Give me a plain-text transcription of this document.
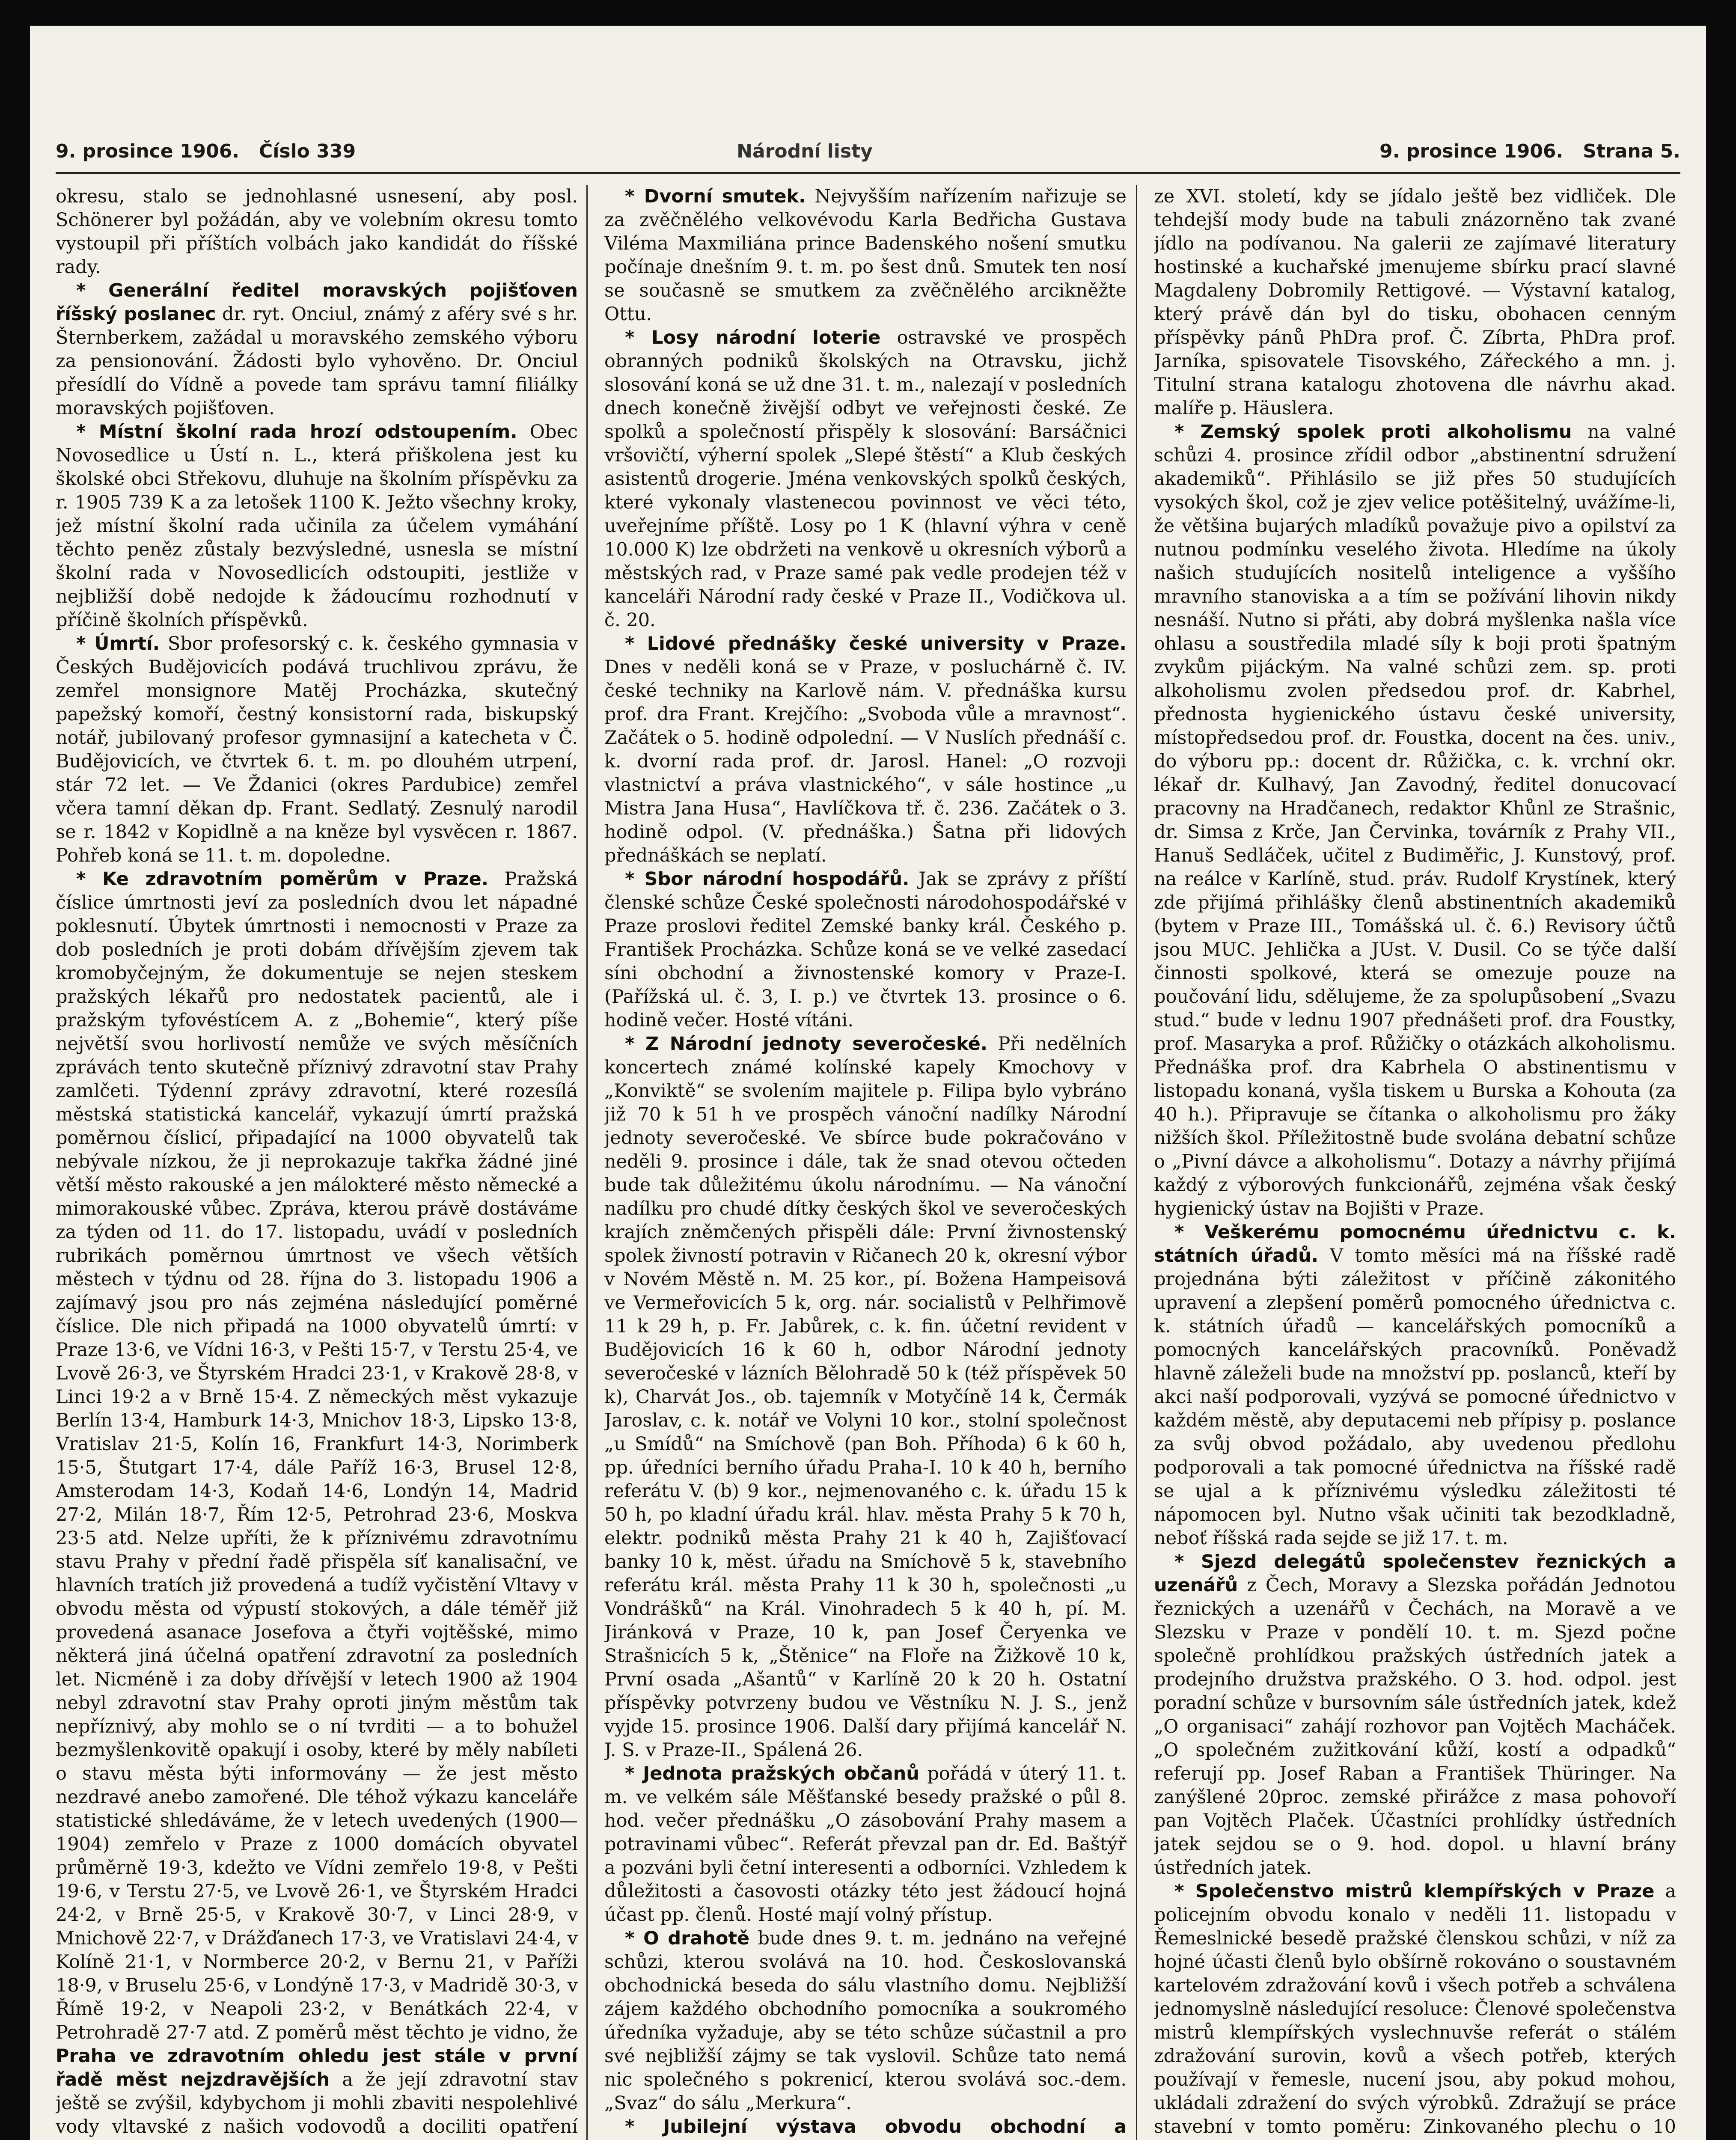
9. prosince 1906.   Číslo 339	Národní listy	9. prosince 1906.   Strana 5.

okresu, stalo se jednohlasné usnesení, aby posl. Schönerer byl požádán, aby ve volebním okresu tomto vystoupil při příštích volbách jako kandidát do říšské rady.

* Generální ředitel moravských pojišťoven říšský poslanec dr. ryt. Onciul, známý z aféry své s hr. Šternberkem, zažádal u moravského zemského výboru za pensionování. Žádosti bylo vyhověno. Dr. Onciul přesídlí do Vídně a povede tam správu tamní filiálky moravských pojišťoven.

* Místní školní rada hrozí odstoupením. Obec Novosedlice u Ústí n. L., která přiškolena jest ku školské obci Střekovu, dluhuje na školním příspěvku za r. 1905 739 K a za letošek 1100 K. Ježto všechny kroky, jež místní školní rada učinila za účelem vymáhání těchto peněz zůstaly bezvýsledné, usnesla se místní školní rada v Novosedlicích odstoupiti, jestliže v nejbližší době nedojde k žádoucímu rozhodnutí v příčině školních příspěvků.

* Úmrtí. Sbor profesorský c. k. českého gymnasia v Českých Budějovicích podává truchlivou zprávu, že zemřel monsignore Matěj Procházka, skutečný papežský komoří, čestný konsistorní rada, biskupský notář, jubilovaný profesor gymnasijní a katecheta v Č. Budějovicích, ve čtvrtek 6. t. m. po dlouhém utrpení, stár 72 let. — Ve Ždanici (okres Pardubice) zemřel včera tamní děkan dp. Frant. Sedlatý. Zesnulý narodil se r. 1842 v Kopidlně a na kněze byl vysvěcen r. 1867. Pohřeb koná se 11. t. m. dopoledne.

* Ke zdravotním poměrům v Praze. Pražská číslice úmrtnosti jeví za posledních dvou let nápadné poklesnutí. Úbytek úmrtnosti i nemocnosti v Praze za dob posledních je proti dobám dřívějším zjevem tak kromobyčejným, že dokumentuje se nejen steskem pražských lékařů pro nedostatek pacientů, ale i pražským tyfovéstícem A. z „Bohemie“, který píše největší svou horlivostí nemůže ve svých měsíčních zprávách tento skutečně příznivý zdravotní stav Prahy zamlčeti. Týdenní zprávy zdravotní, které rozesílá městská statistická kancelář, vykazují úmrtí pražská poměrnou číslicí, připadající na 1000 obyvatelů tak nebývale nízkou, že ji neprokazuje takřka žádné jiné větší město rakouské a jen málokteré město německé a mimorakouské vůbec. Zpráva, kterou právě dostáváme za týden od 11. do 17. listopadu, uvádí v posledních rubrikách poměrnou úmrtnost ve všech větších městech v týdnu od 28. října do 3. listopadu 1906 a zajímavý jsou pro nás zejména následující poměrné číslice. Dle nich připadá na 1000 obyvatelů úmrtí: v Praze 13·6, ve Vídni 16·3, v Pešti 15·7, v Terstu 25·4, ve Lvově 26·3, ve Štyrském Hradci 23·1, v Krakově 28·8, v Linci 19·2 a v Brně 15·4. Z německých měst vykazuje Berlín 13·4, Hamburk 14·3, Mnichov 18·3, Lipsko 13·8, Vratislav 21·5, Kolín 16, Frankfurt 14·3, Norimberk 15·5, Štutgart 17·4, dále Paříž 16·3, Brusel 12·8, Amsterodam 14·3, Kodaň 14·6, Londýn 14, Madrid 27·2, Milán 18·7, Řím 12·5, Petrohrad 23·6, Moskva 23·5 atd. Nelze upříti, že k příznivému zdravotnímu stavu Prahy v přední řadě přispěla síť kanalisační, ve hlavních tratích již provedená a tudíž vyčistění Vltavy v obvodu města od výpustí stokových, a dále téměř již provedená asanace Josefova a čtyři vojtěšské, mimo některá jiná účelná opatření zdravotní za posledních let. Nicméně i za doby dřívější v letech 1900 až 1904 nebyl zdravotní stav Prahy oproti jiným městům tak nepříznivý, aby mohlo se o ní tvrditi — a to bohužel bezmyšlenkovitě opakují i osoby, které by měly nabíleti o stavu města býti informovány — že jest město nezdravé anebo zamořené. Dle téhož výkazu kanceláře statistické shledáváme, že v letech uvedených (1900—1904) zemřelo v Praze z 1000 domácích obyvatel průměrně 19·3, kdežto ve Vídni zemřelo 19·8, v Pešti 19·6, v Terstu 27·5, ve Lvově 26·1, ve Štyrském Hradci 24·2, v Brně 25·5, v Krakově 30·7, v Linci 28·9, v Mnichově 22·7, v Drážďanech 17·3, ve Vratislavi 24·4, v Kolíně 21·1, v Normberce 20·2, v Bernu 21, v Paříži 18·9, v Bruselu 25·6, v Londýně 17·3, v Madridě 30·3, v Římě 19·2, v Neapoli 23·2, v Benátkách 22·4, v Petrohradě 27·7 atd. Z poměrů měst těchto je vidno, že Praha ve zdravotním ohledu jest stále v první řadě měst nejzdravějších a že její zdravotní stav ještě se zvýšil, kdybychom ji mohli zbaviti nespolehlivé vody vltavské z našich vodovodů a dociliti opatření

* Dvorní smutek. Nejvyšším nařízením nařizuje se za zvěčnělého velkovévodu Karla Bedřicha Gustava Viléma Maxmiliána prince Badenského nošení smutku počínaje dnešním 9. t. m. po šest dnů. Smutek ten nosí se současně se smutkem za zvěčnělého arcikněžte Ottu.

* Losy národní loterie ostravské ve prospěch obranných podniků školských na Otravsku, jichž slosování koná se už dne 31. t. m., nalezají v posledních dnech konečně živější odbyt ve veřejnosti české. Ze spolků a společností přispěly k slosování: Barsáčnici vršovičtí, výherní spolek „Slepé štěstí“ a Klub českých asistentů drogerie. Jména venkovských spolků českých, které vykonaly vlastenecou povinnost ve věci této, uveřejníme příště. Losy po 1 K (hlavní výhra v ceně 10.000 K) lze obdržeti na venkově u okresních výborů a městských rad, v Praze samé pak vedle prodejen též v kanceláři Národní rady české v Praze II., Vodičkova ul. č. 20.

* Lidové přednášky české university v Praze. Dnes v neděli koná se v Praze, v posluchárně č. IV. české techniky na Karlově nám. V. přednáška kursu prof. dra Frant. Krejčího: „Svoboda vůle a mravnost“. Začátek o 5. hodině odpolední. — V Nuslích přednáší c. k. dvorní rada prof. dr. Jarosl. Hanel: „O rozvoji vlastnictví a práva vlastnického“, v sále hostince „u Mistra Jana Husa“, Havlíčkova tř. č. 236. Začátek o 3. hodině odpol. (V. přednáška.) Šatna při lidových přednáškách se neplatí.

* Sbor národní hospodářů. Jak se zprávy z příští členské schůze České společnosti národohospodářské v Praze proslovi ředitel Zemské banky král. Českého p. František Procházka. Schůze koná se ve velké zasedací síni obchodní a živnostenské komory v Praze-I. (Pařížská ul. č. 3, I. p.) ve čtvrtek 13. prosince o 6. hodině večer. Hosté vítáni.

* Z Národní jednoty severočeské. Při nedělních koncertech známé kolínské kapely Kmochovy v „Konviktě“ se svolením majitele p. Filipa bylo vybráno již 70 k 51 h ve prospěch vánoční nadílky Národní jednoty severočeské. Ve sbírce bude pokračováno v neděli 9. prosince i dále, tak že snad otevou očteden bude tak důležitému úkolu národnímu. — Na vánoční nadílku pro chudé dítky českých škol ve severočeských krajích zněmčených přispěli dále: První živnostenský spolek živností potravin v Ričanech 20 k, okresní výbor v Novém Městě n. M. 25 kor., pí. Božena Hampeisová ve Vermeřovicích 5 k, org. nár. socialistů v Pelhřimově 11 k 29 h, p. Fr. Jabůrek, c. k. fin. účetní revident v Budějovicích 16 k 60 h, odbor Národní jednoty severočeské v lázních Bělohradě 50 k (též příspěvek 50 k), Charvát Jos., ob. tajemník v Motyčíně 14 k, Čermák Jaroslav, c. k. notář ve Volyni 10 kor., stolní společnost „u Smídů“ na Smíchově (pan Boh. Příhoda) 6 k 60 h, pp. úředníci berního úřadu Praha-I. 10 k 40 h, berního referátu V. (b) 9 kor., nejmenovaného c. k. úřadu 15 k 50 h, po kladní úřadu král. hlav. města Prahy 5 k 70 h, elektr. podniků města Prahy 21 k 40 h, Zajišťovací banky 10 k, měst. úřadu na Smíchově 5 k, stavebního referátu král. města Prahy 11 k 30 h, společnosti „u Vondrášků“ na Král. Vinohradech 5 k 40 h, pí. M. Jiránková v Praze, 10 k, pan Josef Čeryenka ve Strašnicích 5 k, „Štěnice“ na Floře na Žižkově 10 k, První osada „Ašantů“ v Karlíně 20 k 20 h. Ostatní příspěvky potvrzeny budou ve Věstníku N. J. S., jenž vyjde 15. prosince 1906. Další dary přijímá kancelář N. J. S. v Praze-II., Spálená 26.

* Jednota pražských občanů pořádá v úterý 11. t. m. ve velkém sále Měšťanské besedy pražské o půl 8. hod. večer přednášku „O zásobování Prahy masem a potravinami vůbec“. Referát převzal pan dr. Ed. Baštýř a pozváni byli četní interesenti a odborníci. Vzhledem k důležitosti a časovosti otázky této jest žádoucí hojná účast pp. členů. Hosté mají volný přístup.

* O drahotě bude dnes 9. t. m. jednáno na veřejné schůzi, kterou svolává na 10. hod. Českoslovanská obchodnická beseda do sálu vlastního domu. Nejbližší zájem každého obchodního pomocníka a soukromého úředníka vyžaduje, aby se této schůze súčastnil a pro své nejbližší zájmy se tak vyslovil. Schůze tato nemá nic společného s pokrenicí, kterou svolává soc.-dem. „Svaz“ do sálu „Merkura“.

* Jubilejní výstava obvodu obchodní a

ze XVI. století, kdy se jídalo ještě bez vidliček. Dle tehdejší mody bude na tabuli znázorněno tak zvané jídlo na podívanou. Na galerii ze zajímavé literatury hostinské a kuchařské jmenujeme sbírku prací slavné Magdaleny Dobromily Rettigové. — Výstavní katalog, který právě dán byl do tisku, obohacen cenným příspěvky pánů PhDra prof. Č. Zíbrta, PhDra prof. Jarníka, spisovatele Tisovského, Zářeckého a mn. j. Titulní strana katalogu zhotovena dle návrhu akad. malíře p. Häuslera.

* Zemský spolek proti alkoholismu na valné schůzi 4. prosince zřídil odbor „abstinentní sdružení akademiků“. Přihlásilo se již přes 50 studujících vysokých škol, což je zjev velice potěšitelný, uvážíme-li, že většina bujarých mladíků považuje pivo a opilství za nutnou podmínku veselého života. Hledíme na úkoly našich studujících nositelů inteligence a vyššího mravního stanoviska a a tím se požívání lihovin nikdy nesnáší. Nutno si přáti, aby dobrá myšlenka našla více ohlasu a soustředila mladé síly k boji proti špatným zvykům pijáckým. Na valné schůzi zem. sp. proti alkoholismu zvolen předsedou prof. dr. Kabrhel, přednosta hygienického ústavu české university, místopředsedou prof. dr. Foustka, docent na čes. univ., do výboru pp.: docent dr. Růžička, c. k. vrchní okr. lékař dr. Kulhavý, Jan Zavodný, ředitel donucovací pracovny na Hradčanech, redaktor Khůnl ze Strašnic, dr. Simsa z Krče, Jan Červinka, továrník z Prahy VII., Hanuš Sedláček, učitel z Budiměřic, J. Kunstový, prof. na reálce v Karlíně, stud. práv. Rudolf Krystínek, který zde přijímá přihlášky členů abstinentních akademiků (bytem v Praze III., Tomášská ul. č. 6.) Revisory účtů jsou MUC. Jehlička a JUst. V. Dusil. Co se týče další činnosti spolkové, která se omezuje pouze na poučování lidu, sdělujeme, že za spolupůsobení „Svazu stud.“ bude v lednu 1907 přednášeti prof. dra Foustky, prof. Masaryka a prof. Růžičky o otázkách alkoholismu. Přednáška prof. dra Kabrhela O abstinentismu v listopadu konaná, vyšla tiskem u Burska a Kohouta (za 40 h.). Připravuje se čítanka o alkoholismu pro žáky nižších škol. Příležitostně bude svolána debatní schůze o „Pivní dávce a alkoholismu“. Dotazy a návrhy přijímá každý z výborových funkcionářů, zejména však český hygienický ústav na Bojišti v Praze.

* Veškerému pomocnému úřednictvu c. k. státních úřadů. V tomto měsíci má na říšské radě projednána býti záležitost v příčině zákonitého upravení a zlepšení poměrů pomocného úřednictva c. k. státních úřadů — kancelářských pomocníků a pomocných kancelářských pracovníků. Poněvadž hlavně záleželi bude na množství pp. poslanců, kteří by akci naší podporovali, vyzývá se pomocné úřednictvo v každém městě, aby deputacemi neb přípisy p. poslance za svůj obvod požádalo, aby uvedenou předlohu podporovali a tak pomocné úřednictva na říšské radě se ujal a k příznivému výsledku záležitosti té nápomocen byl. Nutno však učiniti tak bezodkladně, neboť říšská rada sejde se již 17. t. m.

* Sjezd delegátů společenstev řeznických a uzenářů z Čech, Moravy a Slezska pořádán Jednotou řeznických a uzenářů v Čechách, na Moravě a ve Slezsku v Praze v pondělí 10. t. m. Sjezd počne společně prohlídkou pražských ústředních jatek a prodejního družstva pražského. O 3. hod. odpol. jest poradní schůze v bursovním sále ústředních jatek, kdež „O organisaci“ zahájí rozhovor pan Vojtěch Macháček. „O společném zužitkování kůží, kostí a odpadků“ referují pp. Josef Raban a František Thüringer. Na zanýšlené 20proc. zemské přirážce z masa pohovoří pan Vojtěch Plaček. Účastníci prohlídky ústředních jatek sejdou se o 9. hod. dopol. u hlavní brány ústředních jatek.

* Společenstvo mistrů klempířských v Praze a policejním obvodu konalo v neděli 11. listopadu v Řemeslnické besedě pražské členskou schůzi, v níž za hojné účasti členů bylo obšírně rokováno o soustavném kartelovém zdražování kovů i všech potřeb a schválena jednomyslně následující resoluce: Členové společenstva mistrů klempířských vyslechnuvše referát o stálém zdražování surovin, kovů a všech potřeb, kterých používají v řemesle, nucení jsou, aby pokud mohou, ukládali zdražení do svých výrobků. Zdražují se práce stavební v tomto poměru: Zinkovaného plechu o 10
